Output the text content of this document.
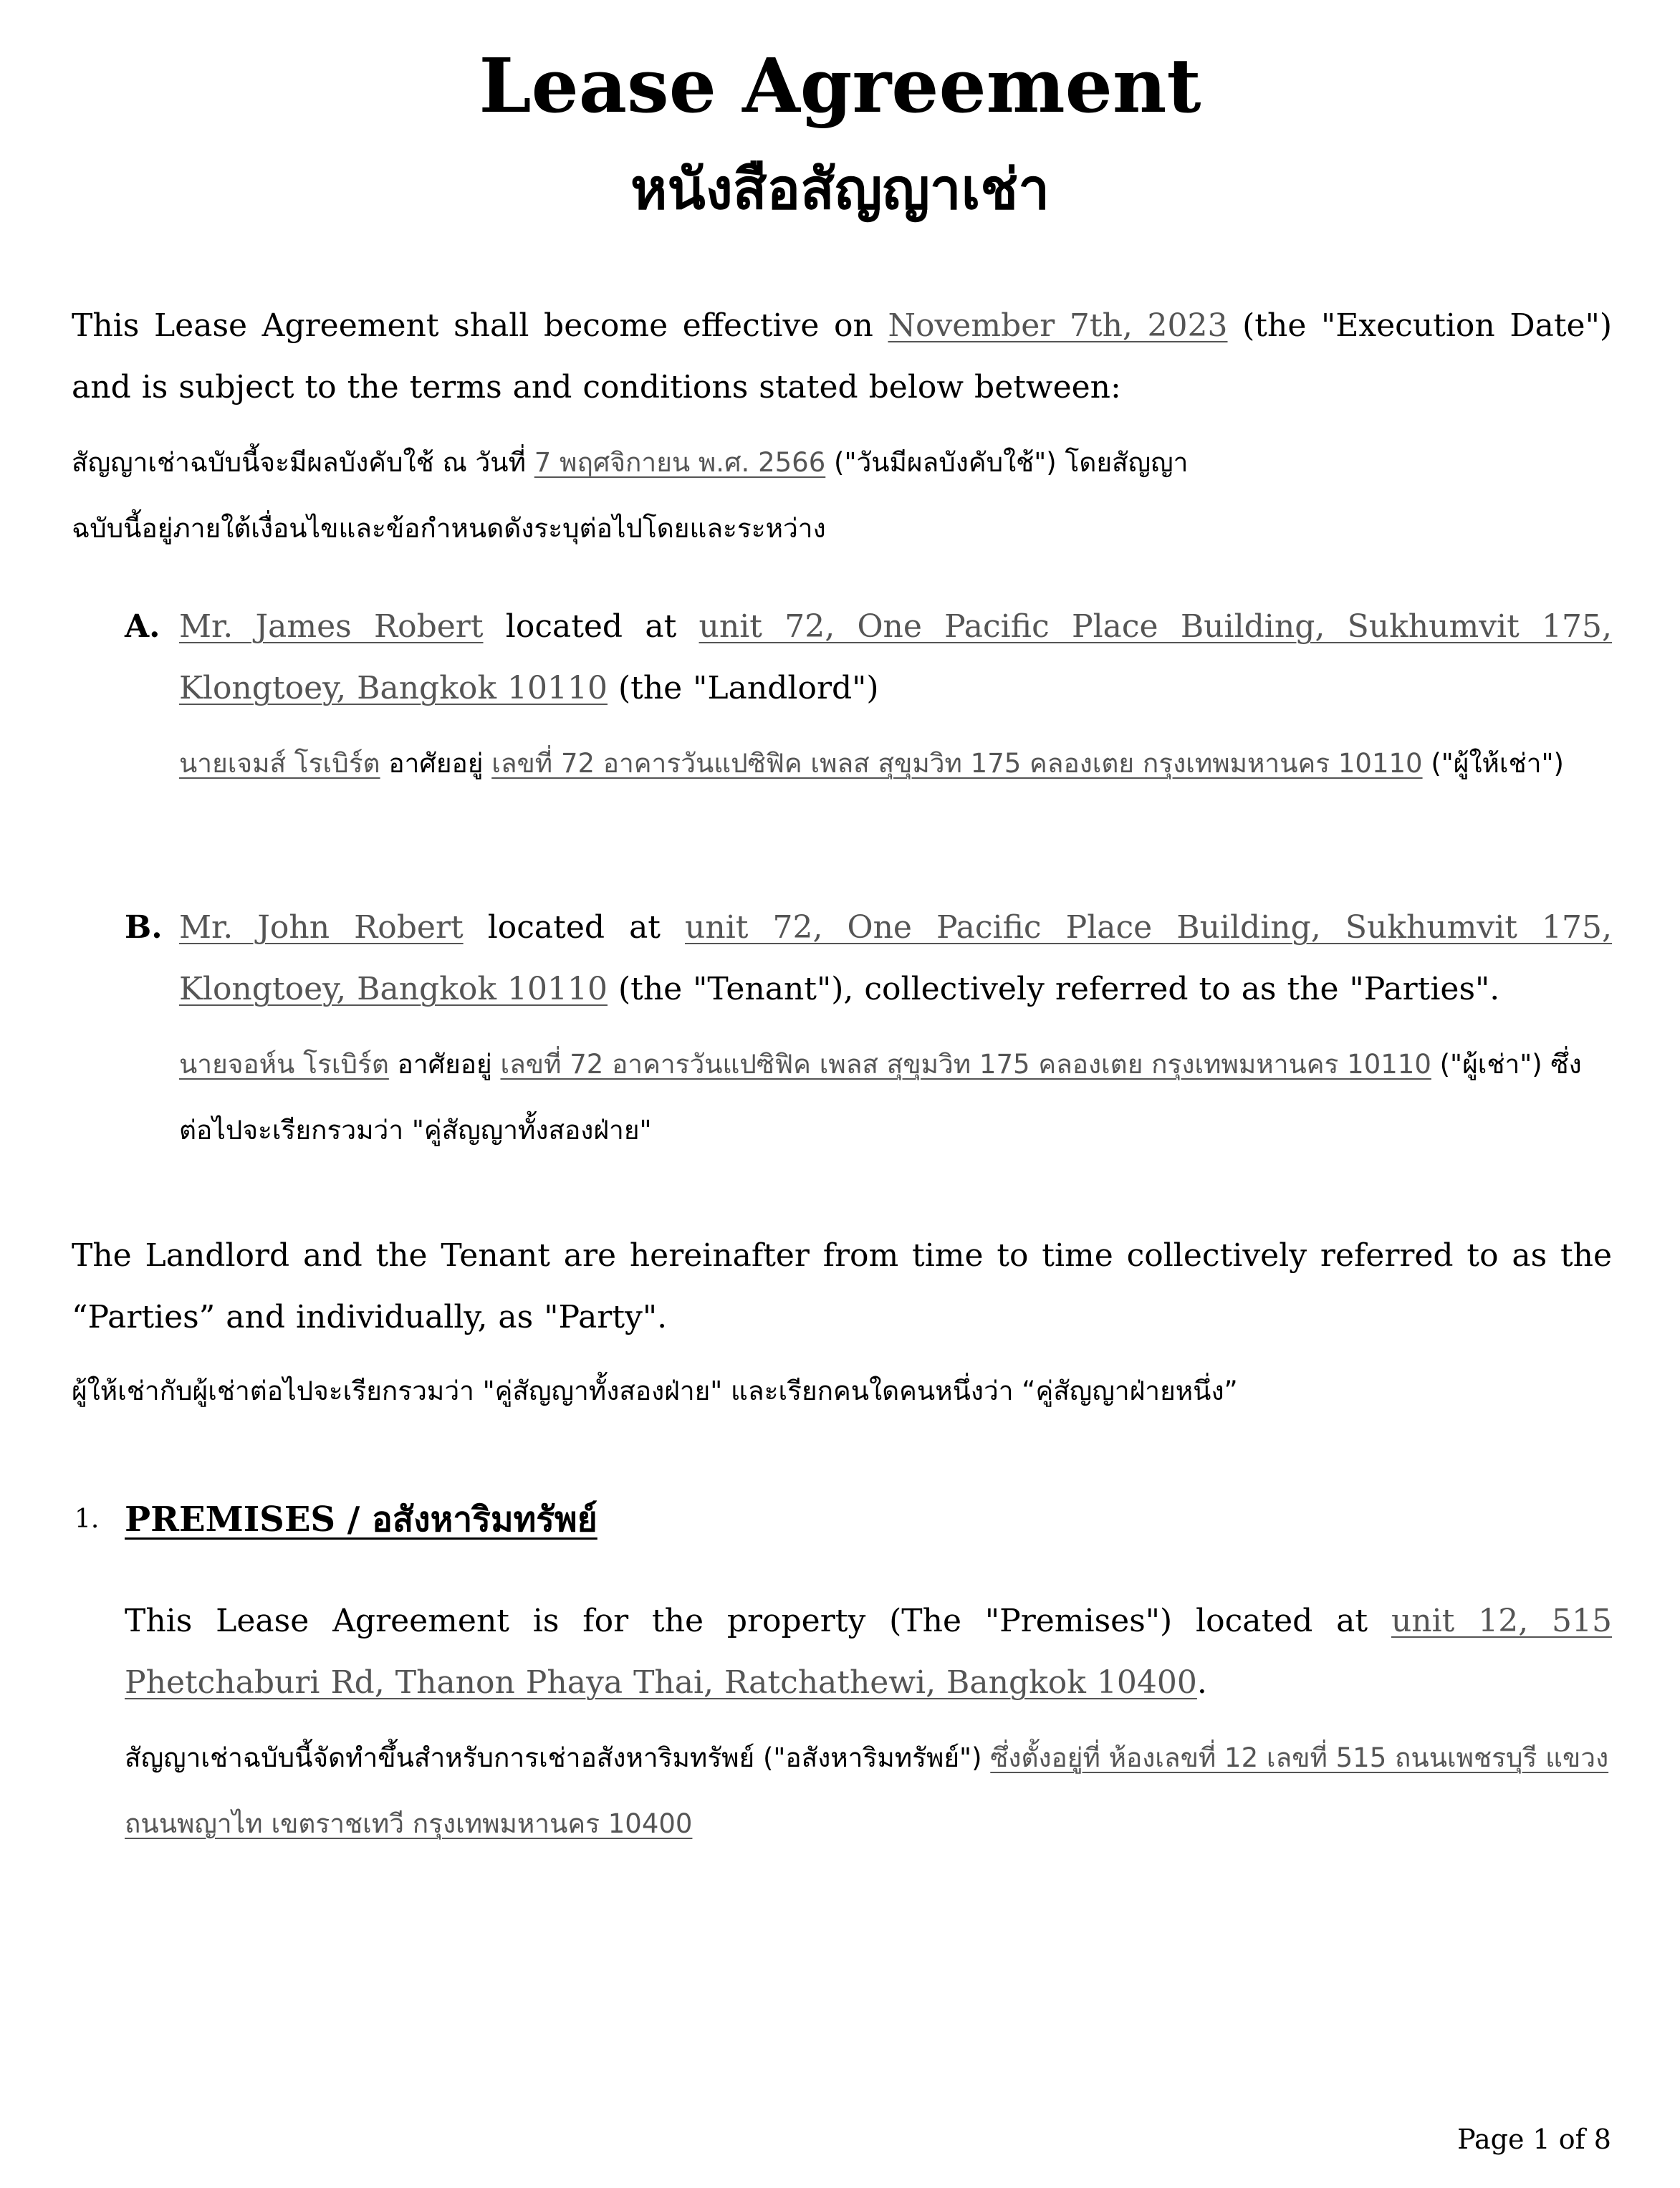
Lease Agreement
หนังสือสัญญาเช่า
This Lease Agreement shall become effective on November 7th, 2023 (the "Execution Date") and is subject to the terms and conditions stated below between:
สัญญาเช่าฉบับนี้จะมีผลบังคับใช้ ณ วันที่ 7 พฤศจิกายน พ.ศ. 2566 ("วันมีผลบังคับใช้") โดยสัญญาฉบับนี้อยู่ภายใต้เงื่อนไขและข้อกำหนดดังระบุต่อไปโดยและระหว่าง
A. Mr. James Robert located at unit 72, One Pacific Place Building, Sukhumvit 175, Klongtoey, Bangkok 10110 (the "Landlord")
นายเจมส์ โรเบิร์ต อาศัยอยู่ เลขที่ 72 อาคารวันแปซิฟิค เพลส สุขุมวิท 175 คลองเตย กรุงเทพมหานคร 10110 ("ผู้ให้เช่า")
B. Mr. John Robert located at unit 72, One Pacific Place Building, Sukhumvit 175, Klongtoey, Bangkok 10110 (the "Tenant"), collectively referred to as the "Parties".
นายจอห์น โรเบิร์ต อาศัยอยู่ เลขที่ 72 อาคารวันแปซิฟิค เพลส สุขุมวิท 175 คลองเตย กรุงเทพมหานคร 10110 ("ผู้เช่า") ซึ่งต่อไปจะเรียกรวมว่า "คู่สัญญาทั้งสองฝ่าย"
The Landlord and the Tenant are hereinafter from time to time collectively referred to as the “Parties” and individually, as "Party".
ผู้ให้เช่ากับผู้เช่าต่อไปจะเรียกรวมว่า "คู่สัญญาทั้งสองฝ่าย" และเรียกคนใดคนหนึ่งว่า “คู่สัญญาฝ่ายหนึ่ง”
1. PREMISES / อสังหาริมทรัพย์
This Lease Agreement is for the property (The "Premises") located at unit 12, 515 Phetchaburi Rd, Thanon Phaya Thai, Ratchathewi, Bangkok 10400.
สัญญาเช่าฉบับนี้จัดทำขึ้นสำหรับการเช่าอสังหาริมทรัพย์ ("อสังหาริมทรัพย์") ซึ่งตั้งอยู่ที่ ห้องเลขที่ 12 เลขที่ 515 ถนนเพชรบุรี แขวงถนนพญาไท เขตราชเทวี กรุงเทพมหานคร 10400
Page 1 of 8
